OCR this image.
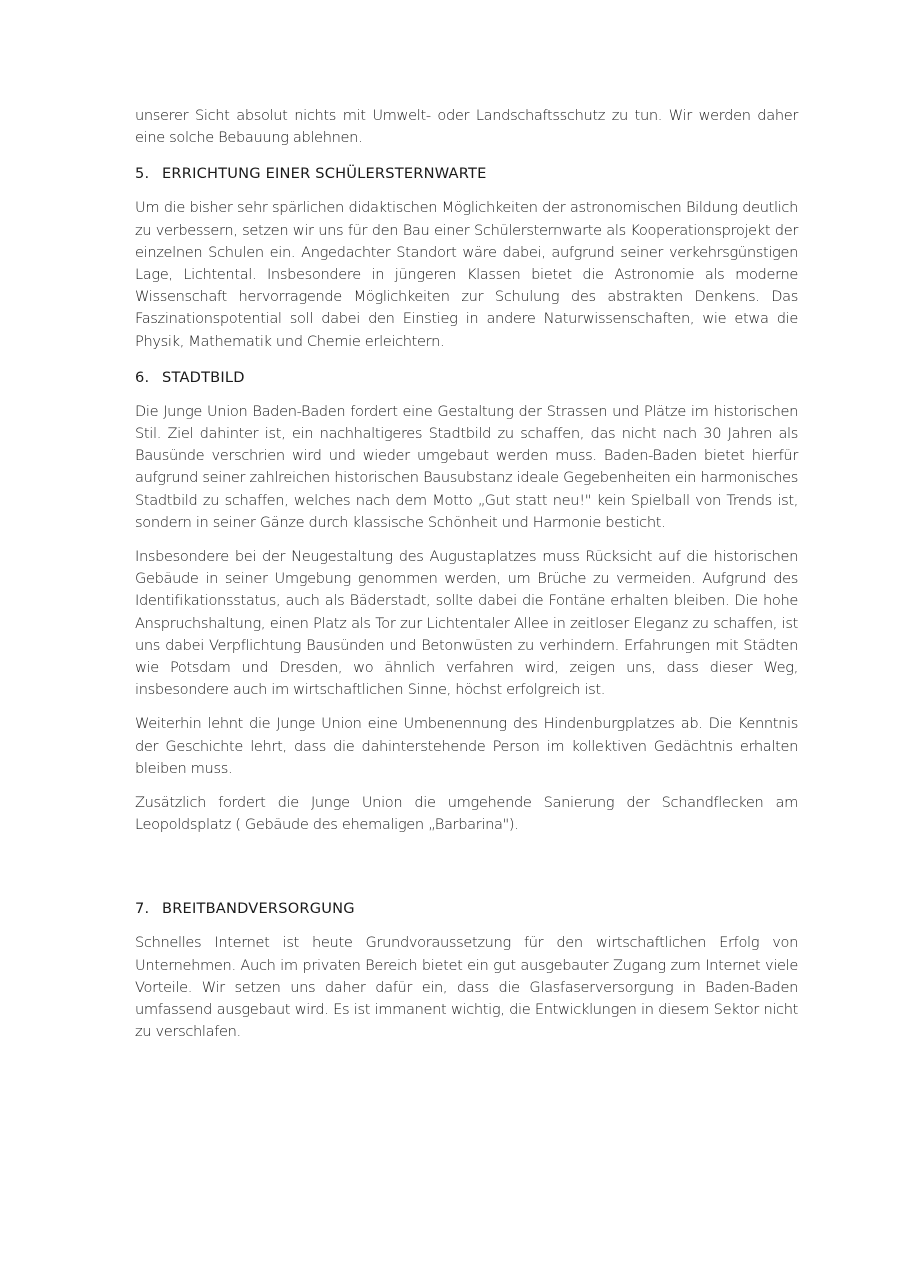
unserer Sicht absolut nichts mit Umwelt- oder Landschaftsschutz zu tun. Wir werden daher eine solche Bebauung ablehnen.

5. ERRICHTUNG EINER SCHÜLERSTERNWARTE

Um die bisher sehr spärlichen didaktischen Möglichkeiten der astronomischen Bildung deutlich zu verbessern, setzen wir uns für den Bau einer Schülersternwarte als Kooperationsprojekt der einzelnen Schulen ein. Angedachter Standort wäre dabei, aufgrund seiner verkehrsgünstigen Lage, Lichtental. Insbesondere in jüngeren Klassen bietet die Astronomie als moderne Wissenschaft hervorragende Möglichkeiten zur Schulung des abstrakten Denkens. Das Faszinationspotential soll dabei den Einstieg in andere Naturwissenschaften, wie etwa die Physik, Mathematik und Chemie erleichtern.

6. STADTBILD

Die Junge Union Baden-Baden fordert eine Gestaltung der Strassen und Plätze im historischen Stil. Ziel dahinter ist, ein nachhaltigeres Stadtbild zu schaffen, das nicht nach 30 Jahren als Bausünde verschrien wird und wieder umgebaut werden muss. Baden-Baden bietet hierfür aufgrund seiner zahlreichen historischen Bausubstanz ideale Gegebenheiten ein harmonisches Stadtbild zu schaffen, welches nach dem Motto „Gut statt neu!" kein Spielball von Trends ist, sondern in seiner Gänze durch klassische Schönheit und Harmonie besticht.

Insbesondere bei der Neugestaltung des Augustaplatzes muss Rücksicht auf die historischen Gebäude in seiner Umgebung genommen werden, um Brüche zu vermeiden. Aufgrund des Identifikationsstatus, auch als Bäderstadt, sollte dabei die Fontäne erhalten bleiben. Die hohe Anspruchshaltung, einen Platz als Tor zur Lichtentaler Allee in zeitloser Eleganz zu schaffen, ist uns dabei Verpflichtung Bausünden und Betonwüsten zu verhindern. Erfahrungen mit Städten wie Potsdam und Dresden, wo ähnlich verfahren wird, zeigen uns, dass dieser Weg, insbesondere auch im wirtschaftlichen Sinne, höchst erfolgreich ist.

Weiterhin lehnt die Junge Union eine Umbenennung des Hindenburgplatzes ab. Die Kenntnis der Geschichte lehrt, dass die dahinterstehende Person im kollektiven Gedächtnis erhalten bleiben muss.

Zusätzlich fordert die Junge Union die umgehende Sanierung der Schandflecken am Leopoldsplatz ( Gebäude des ehemaligen „Barbarina").

7. BREITBANDVERSORGUNG

Schnelles Internet ist heute Grundvoraussetzung für den wirtschaftlichen Erfolg von Unternehmen. Auch im privaten Bereich bietet ein gut ausgebauter Zugang zum Internet viele Vorteile. Wir setzen uns daher dafür ein, dass die Glasfaserversorgung in Baden-Baden umfassend ausgebaut wird. Es ist immanent wichtig, die Entwicklungen in diesem Sektor nicht zu verschlafen.
